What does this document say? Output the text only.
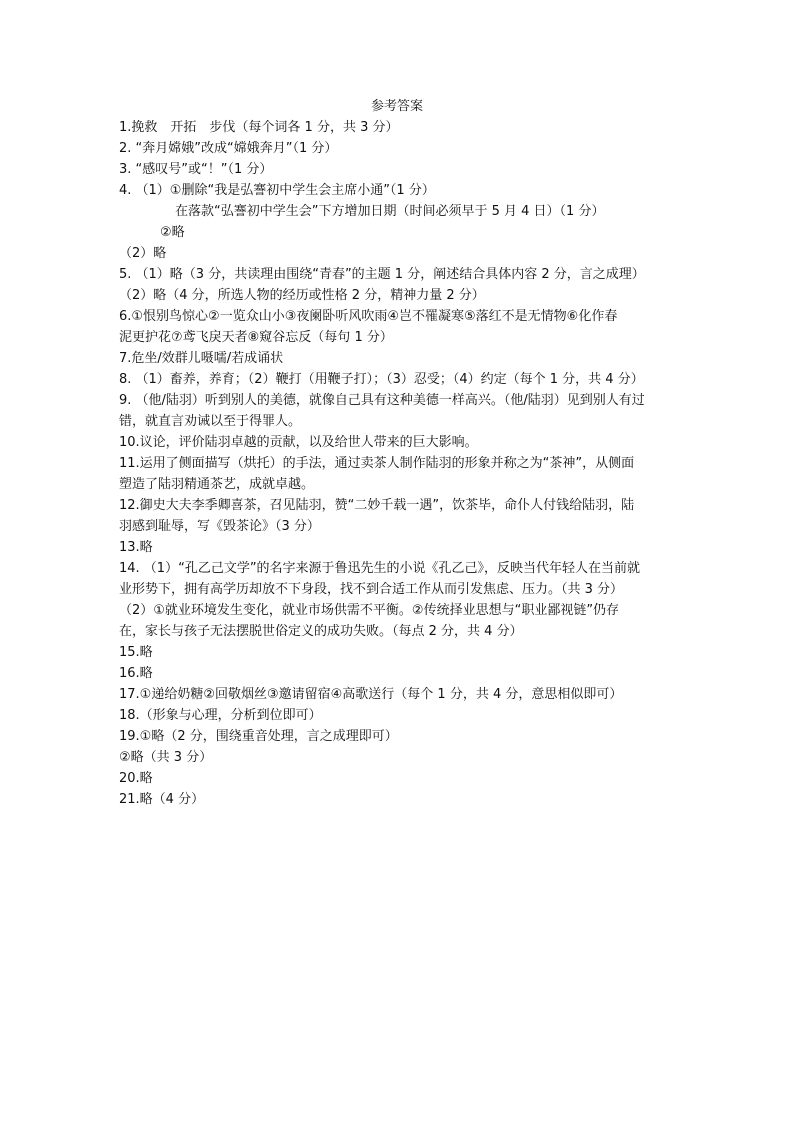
参考答案
1.挽救　开拓　步伐（每个词各 1 分，共 3 分）
2. “奔月嫦娥”改成“嫦娥奔月”（1 分）
3. “感叹号”或“！”（1 分）
4. （1）①删除“我是弘謇初中学生会主席小通”（1 分）
在落款“弘謇初中学生会”下方增加日期（时间必须早于 5 月 4 日）（1 分）
②略
（2）略
5. （1）略（3 分，共读理由围绕“青春”的主题 1 分，阐述结合具体内容 2 分，言之成理）
（2）略（4 分，所选人物的经历或性格 2 分，精神力量 2 分）
6.①恨别鸟惊心②一览众山小③夜阑卧听风吹雨④岂不罹凝寒⑤落红不是无情物⑥化作春
泥更护花⑦鸢飞戾天者⑧窥谷忘反（每句 1 分）
7.危坐/效群儿嗫嚅/若成诵状
8. （1）畜养，养育；（2）鞭打（用鞭子打）；（3）忍受；（4）约定（每个 1 分，共 4 分）
9. （他/陆羽）听到别人的美德，就像自己具有这种美德一样高兴。（他/陆羽）见到别人有过
错，就直言劝诫以至于得罪人。
10.议论，评价陆羽卓越的贡献，以及给世人带来的巨大影响。
11.运用了侧面描写（烘托）的手法，通过卖茶人制作陆羽的形象并称之为“茶神”，从侧面
塑造了陆羽精通茶艺，成就卓越。
12.御史大夫李季卿喜茶，召见陆羽，赞“二妙千载一遇”，饮茶毕，命仆人付钱给陆羽，陆
羽感到耻辱，写《毁茶论》（3 分）
13.略
14. （1）“孔乙己文学”的名字来源于鲁迅先生的小说《孔乙己》，反映当代年轻人在当前就
业形势下，拥有高学历却放不下身段，找不到合适工作从而引发焦虑、压力。（共 3 分）
（2）①就业环境发生变化，就业市场供需不平衡。②传统择业思想与“职业鄙视链”仍存
在，家长与孩子无法摆脱世俗定义的成功失败。（每点 2 分，共 4 分）
15.略
16.略
17.①递给奶糖②回敬烟丝③邀请留宿④高歌送行（每个 1 分，共 4 分，意思相似即可）
18.（形象与心理，分析到位即可）
19.①略（2 分，围绕重音处理，言之成理即可）
②略（共 3 分）
20.略
21.略（4 分）
